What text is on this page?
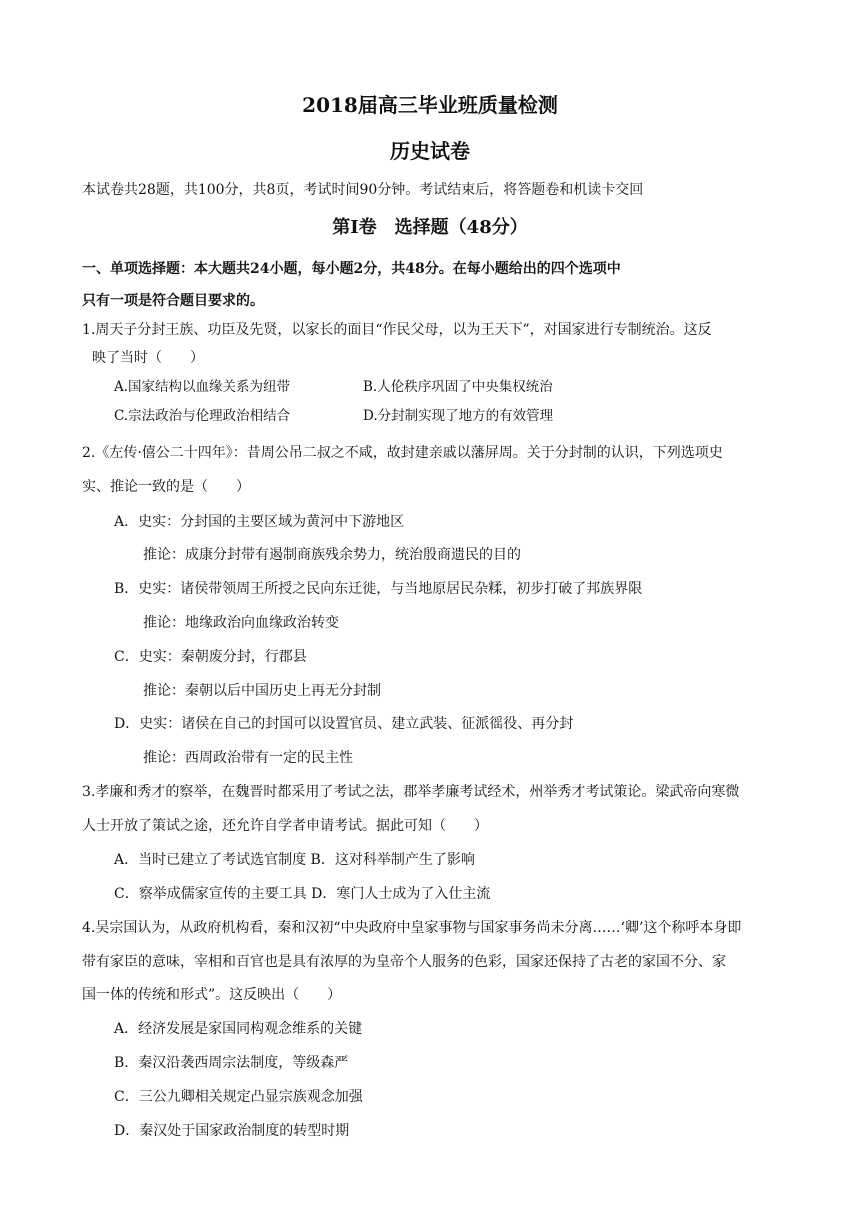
2018届高三毕业班质量检测
历史试卷
本试卷共28题，共100分，共8页，考试时间90分钟。考试结束后，将答题卷和机读卡交回
第Ⅰ卷　选择题（48分）
一、单项选择题：本大题共24小题，每小题2分，共48分。在每小题给出的四个选项中
只有一项是符合题目要求的。
1.周天子分封王族、功臣及先贤，以家长的面目“作民父母，以为王天下”，对国家进行专制统治。这反
映了当时（　　）
A.国家结构以血缘关系为纽带	B.人伦秩序巩固了中央集权统治
C.宗法政治与伦理政治相结合	D.分封制实现了地方的有效管理
2.《左传·僖公二十四年》：昔周公吊二叔之不咸，故封建亲戚以藩屏周。关于分封制的认识，下列选项史
实、推论一致的是（　　）
A．史实：分封国的主要区域为黄河中下游地区
推论：成康分封带有遏制商族残余势力，统治殷商遗民的目的
B．史实：诸侯带领周王所授之民向东迁徙，与当地原居民杂糅，初步打破了邦族界限
推论：地缘政治向血缘政治转变
C．史实：秦朝废分封，行郡县
推论：秦朝以后中国历史上再无分封制
D．史实：诸侯在自己的封国可以设置官员、建立武装、征派徭役、再分封
推论：西周政治带有一定的民主性
3.孝廉和秀才的察举，在魏晋时都采用了考试之法，郡举孝廉考试经术，州举秀才考试策论。梁武帝向寒微
人士开放了策试之途，还允许自学者申请考试。据此可知（　　）
A．当时已建立了考试选官制度 B．这对科举制产生了影响
C．察举成儒家宣传的主要工具 D．寒门人士成为了入仕主流
4.吴宗国认为，从政府机构看，秦和汉初“中央政府中皇家事物与国家事务尚未分离……‘卿’这个称呼本身即
带有家臣的意味，宰相和百官也是具有浓厚的为皇帝个人服务的色彩，国家还保持了古老的家国不分、家
国一体的传统和形式”。这反映出（　　）
A．经济发展是家国同构观念维系的关键
B．秦汉沿袭西周宗法制度，等级森严
C．三公九卿相关规定凸显宗族观念加强
D．秦汉处于国家政治制度的转型时期
